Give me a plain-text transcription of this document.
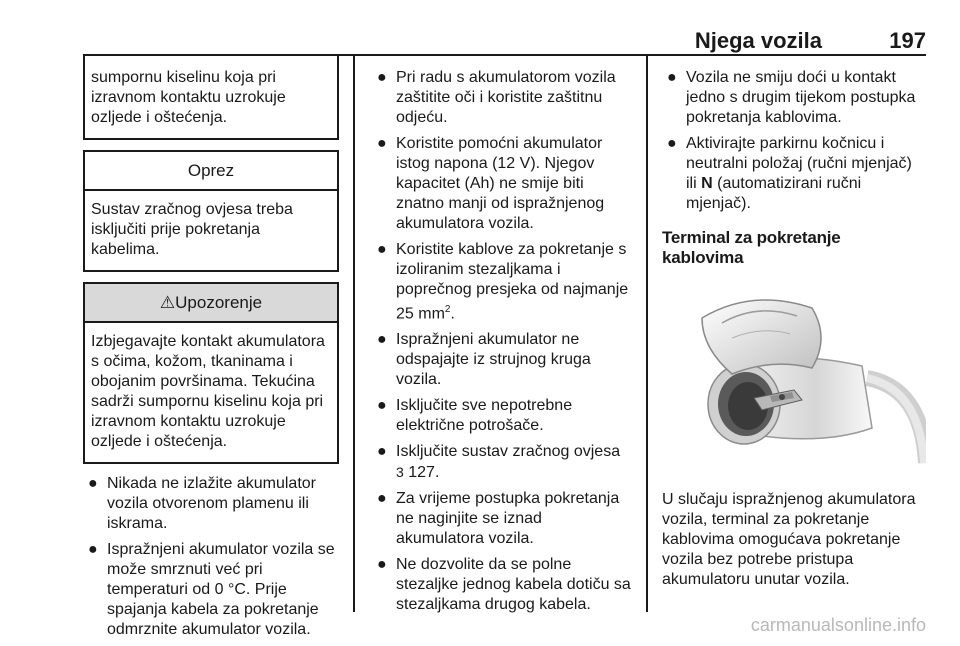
Njega vozila	197
sumpornu kiselinu koja pri izravnom kontaktu uzrokuje ozljede i oštećenja.
Oprez
Sustav zračnog ovjesa treba isključiti prije pokretanja kabelima.
⚠Upozorenje
Izbjegavajte kontakt akumulatora s očima, kožom, tkaninama i obojanim površinama. Tekućina sadrži sumpornu kiselinu koja pri izravnom kontaktu uzrokuje ozljede i oštećenja.
● Nikada ne izlažite akumulator vozila otvorenom plamenu ili iskrama.
● Ispražnjeni akumulator vozila se može smrznuti već pri temperaturi od 0 °C. Prije spajanja kabela za pokretanje odmrznite akumulator vozila.
● Pri radu s akumulatorom vozila zaštitite oči i koristite zaštitnu odjeću.
● Koristite pomoćni akumulator istog napona (12 V). Njegov kapacitet (Ah) ne smije biti znatno manji od ispražnjenog akumulatora vozila.
● Koristite kablove za pokretanje s izoliranim stezaljkama i poprečnog presjeka od najmanje 25 $mm^2$.
● Ispražnjeni akumulator ne odspajajte iz strujnog kruga vozila.
● Isključite sve nepotrebne električne potrošače.
● Isključite sustav zračnog ovjesa
3 127.
● Za vrijeme postupka pokretanja ne naginjite se iznad akumulatora vozila.
● Ne dozvolite da se polne stezaljke jednog kabela dotiču sa stezaljkama drugog kabela.
● Vozila ne smiju doći u kontakt jedno s drugim tijekom postupka pokretanja kablovima.
● Aktivirajte parkirnu kočnicu i neutralni položaj (ručni mjenjač) ili N (automatizirani ručni mjenjač).
Terminal za pokretanje kablovima

U slučaju ispražnjenog akumulatora vozila, terminal za pokretanje kablovima omogućava pokretanje vozila bez potrebe pristupa akumulatoru unutar vozila.

carmanualsonline.info
